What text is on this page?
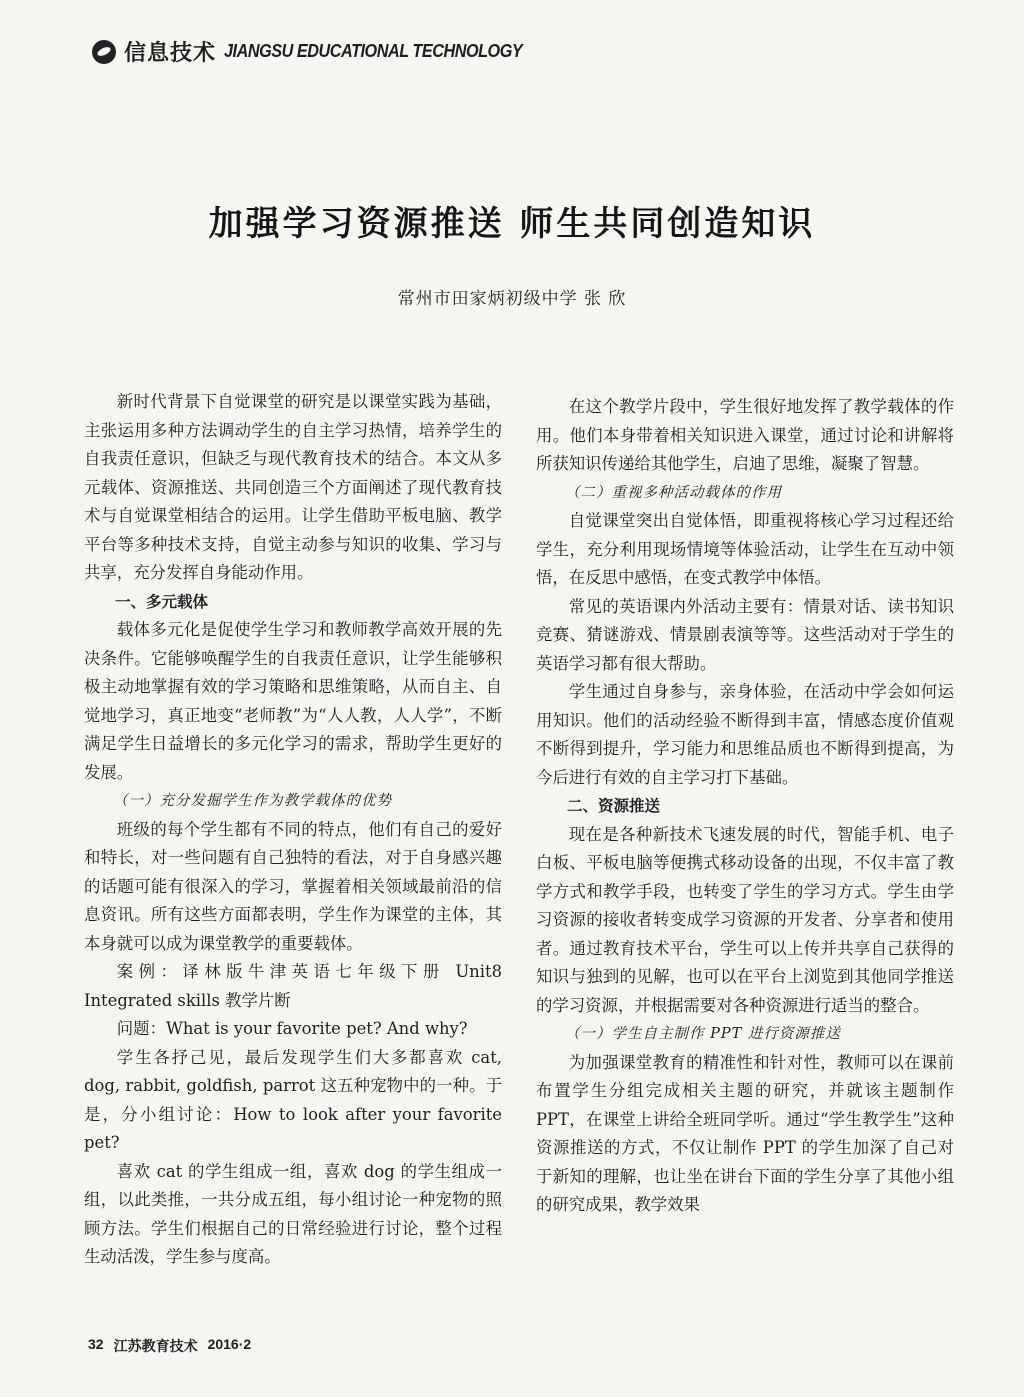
信息技术 JIANGSU EDUCATIONAL TECHNOLOGY
加强学习资源推送 师生共同创造知识
常州市田家炳初级中学 张 欣

新时代背景下自觉课堂的研究是以课堂实践为基础，主张运用多种方法调动学生的自主学习热情，培养学生的自我责任意识，但缺乏与现代教育技术的结合。本文从多元载体、资源推送、共同创造三个方面阐述了现代教育技术与自觉课堂相结合的运用。让学生借助平板电脑、教学平台等多种技术支持，自觉主动参与知识的收集、学习与共享，充分发挥自身能动作用。

一、多元载体

载体多元化是促使学生学习和教师教学高效开展的先决条件。它能够唤醒学生的自我责任意识，让学生能够积极主动地掌握有效的学习策略和思维策略，从而自主、自觉地学习，真正地变“老师教”为“人人教，人人学”，不断满足学生日益增长的多元化学习的需求，帮助学生更好的发展。

（一）充分发掘学生作为教学载体的优势

班级的每个学生都有不同的特点，他们有自己的爱好和特长，对一些问题有自己独特的看法，对于自身感兴趣的话题可能有很深入的学习，掌握着相关领域最前沿的信息资讯。所有这些方面都表明，学生作为课堂的主体，其本身就可以成为课堂教学的重要载体。

案例：译林版牛津英语七年级下册 Unit8 Integrated skills 教学片断

问题：What is your favorite pet? And why?

学生各抒己见，最后发现学生们大多都喜欢 cat, dog, rabbit, goldfish, parrot 这五种宠物中的一种。于是，分小组讨论：How to look after your favorite pet?

喜欢 cat 的学生组成一组，喜欢 dog 的学生组成一组，以此类推，一共分成五组，每小组讨论一种宠物的照顾方法。学生们根据自己的日常经验进行讨论，整个过程生动活泼，学生参与度高。

在这个教学片段中，学生很好地发挥了教学载体的作用。他们本身带着相关知识进入课堂，通过讨论和讲解将所获知识传递给其他学生，启迪了思维，凝聚了智慧。

（二）重视多种活动载体的作用

自觉课堂突出自觉体悟，即重视将核心学习过程还给学生，充分利用现场情境等体验活动，让学生在互动中领悟，在反思中感悟，在变式教学中体悟。

常见的英语课内外活动主要有：情景对话、读书知识竞赛、猜谜游戏、情景剧表演等等。这些活动对于学生的英语学习都有很大帮助。

学生通过自身参与，亲身体验，在活动中学会如何运用知识。他们的活动经验不断得到丰富，情感态度价值观不断得到提升，学习能力和思维品质也不断得到提高，为今后进行有效的自主学习打下基础。

二、资源推送

现在是各种新技术飞速发展的时代，智能手机、电子白板、平板电脑等便携式移动设备的出现，不仅丰富了教学方式和教学手段，也转变了学生的学习方式。学生由学习资源的接收者转变成学习资源的开发者、分享者和使用者。通过教育技术平台，学生可以上传并共享自己获得的知识与独到的见解，也可以在平台上浏览到其他同学推送的学习资源，并根据需要对各种资源进行适当的整合。

（一）学生自主制作 PPT 进行资源推送

为加强课堂教育的精准性和针对性，教师可以在课前布置学生分组完成相关主题的研究，并就该主题制作 PPT，在课堂上讲给全班同学听。通过“学生教学生”这种资源推送的方式，不仅让制作 PPT 的学生加深了自己对于新知的理解，也让坐在讲台下面的学生分享了其他小组的研究成果，教学效果

32 江苏教育技术 2016·2
